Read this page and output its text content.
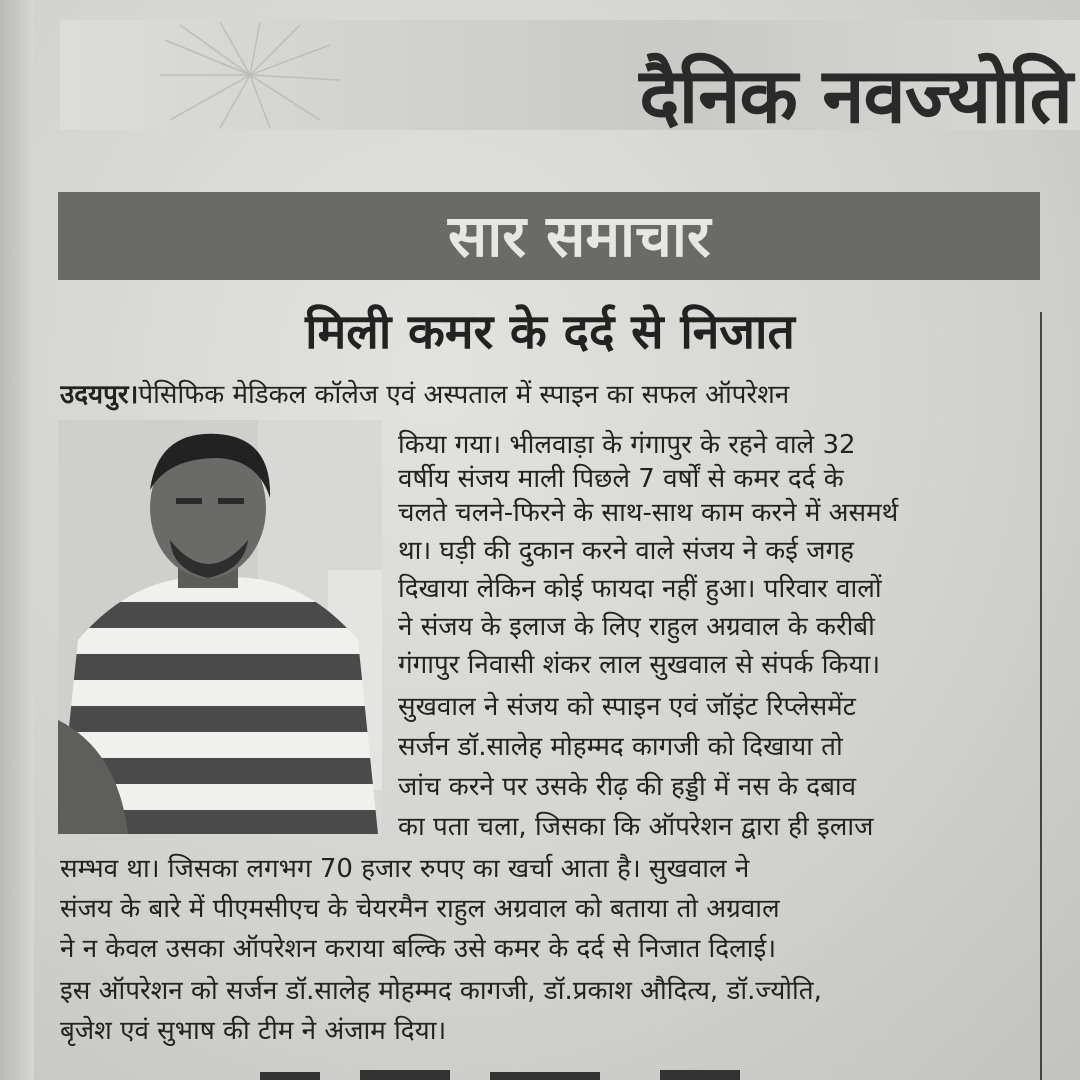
दैनिक नवज्योति
सार समाचार
मिली कमर के दर्द से निजात
उदयपुर।पेसिफिक मेडिकल कॉलेज एवं अस्पताल में स्पाइन का सफल ऑपरेशन
किया गया। भीलवाड़ा के गंगापुर के रहने वाले 32
वर्षीय संजय माली पिछले 7 वर्षों से कमर दर्द के
चलते चलने-फिरने के साथ-साथ काम करने में असमर्थ
था। घड़ी की दुकान करने वाले संजय ने कई जगह
दिखाया लेकिन कोई फायदा नहीं हुआ। परिवार वालों
ने संजय के इलाज के लिए राहुल अग्रवाल के करीबी
गंगापुर निवासी शंकर लाल सुखवाल से संपर्क किया।
सुखवाल ने संजय को स्पाइन एवं जॉइंट रिप्लेसमेंट
सर्जन डॉ.सालेह मोहम्मद कागजी को दिखाया तो
जांच करने पर उसके रीढ़ की हड्डी में नस के दबाव
का पता चला, जिसका कि ऑपरेशन द्वारा ही इलाज
सम्भव था। जिसका लगभग 70 हजार रुपए का खर्चा आता है। सुखवाल ने
संजय के बारे में पीएमसीएच के चेयरमैन राहुल अग्रवाल को बताया तो अग्रवाल
ने न केवल उसका ऑपरेशन कराया बल्कि उसे कमर के दर्द से निजात दिलाई।
इस ऑपरेशन को सर्जन डॉ.सालेह मोहम्मद कागजी, डॉ.प्रकाश औदित्य, डॉ.ज्योति,
बृजेश एवं सुभाष की टीम ने अंजाम दिया।
